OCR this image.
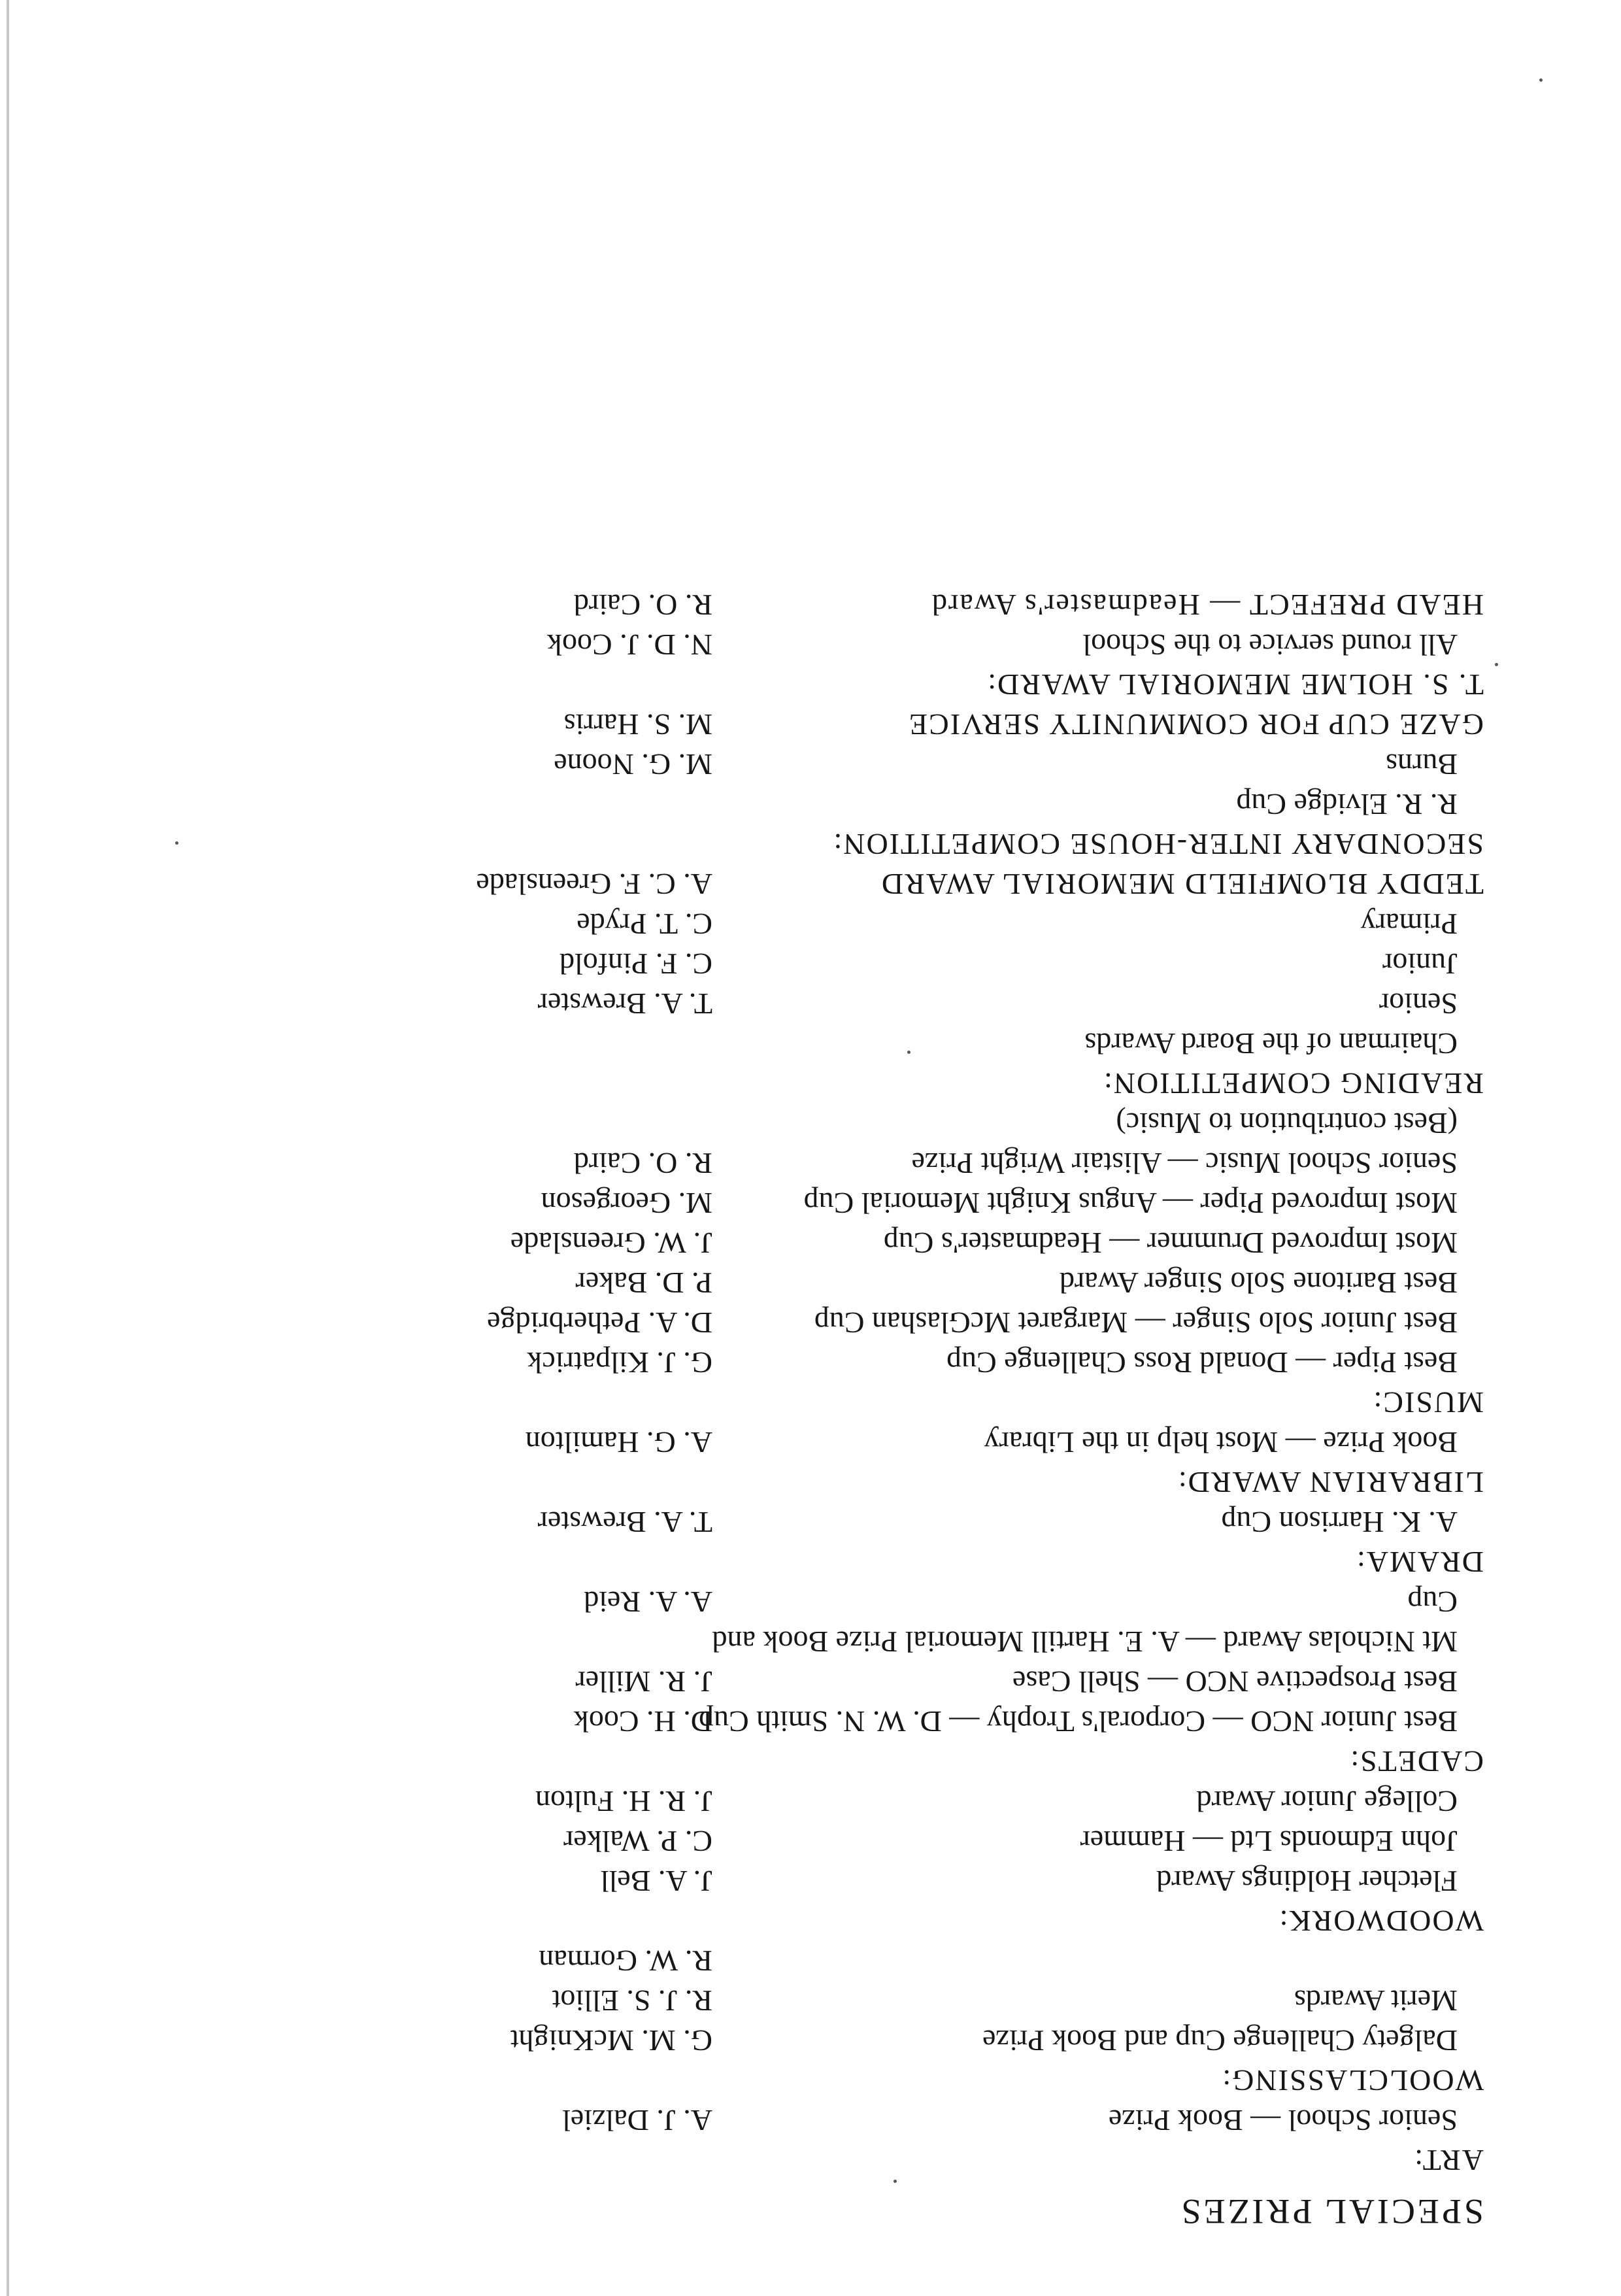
SPECIAL PRIZES
ART:
Senior School — Book Prize
A. J. Dalziel
WOOLCLASSING:
Dalgety Challenge Cup and Book Prize
G. M. McKnight
Merit Awards
R. J. S. Elliot
R. W. Gorman
WOODWORK:
Fletcher Holdings Award
J. A. Bell
John Edmonds Ltd — Hammer
C. P. Walker
College Junior Award
J. R. H. Fulton
CADETS:
Best Junior NCO — Corporal's Trophy — D. W. N. Smith Cup
D. H. Cook
Best Prospective NCO — Shell Case
J. R. Miller
Mt Nicholas Award — A. E. Hartill Memorial Prize Book and
Cup
A. A. Reid
DRAMA:
A. K. Harrison Cup
T. A. Brewster
LIBRARIAN AWARD:
Book Prize — Most help in the Library
A. G. Hamilton
MUSIC:
Best Piper — Donald Ross Challenge Cup
G. J. Kilpatrick
Best Junior Solo Singer — Margaret McGlashan Cup
D. A. Petherbridge
Best Baritone Solo Singer Award
P. D. Baker
Most Improved Drummer — Headmaster's Cup
J. W. Greenslade
Most Improved Piper — Angus Knight Memorial Cup
M. Georgeson
Senior School Music — Alistair Wright Prize
R. O. Caird
(Best contribution to Music)
READING COMPETITION:
Chairman of the Board Awards
Senior
T. A. Brewster
Junior
C. F. Pinfold
Primary
C. T. Pryde
TEDDY BLOMFIELD MEMORIAL AWARD
A. C. F. Greenslade
SECONDARY INTER-HOUSE COMPETITION:
R. R. Elvidge Cup
Burns
M. G. Noone
GAZE CUP FOR COMMUNITY SERVICE
M. S. Harris
T. S. HOLME MEMORIAL AWARD:
All round service to the School
N. D. J. Cook
HEAD PREFECT — Headmaster's Award
R. O. Caird
